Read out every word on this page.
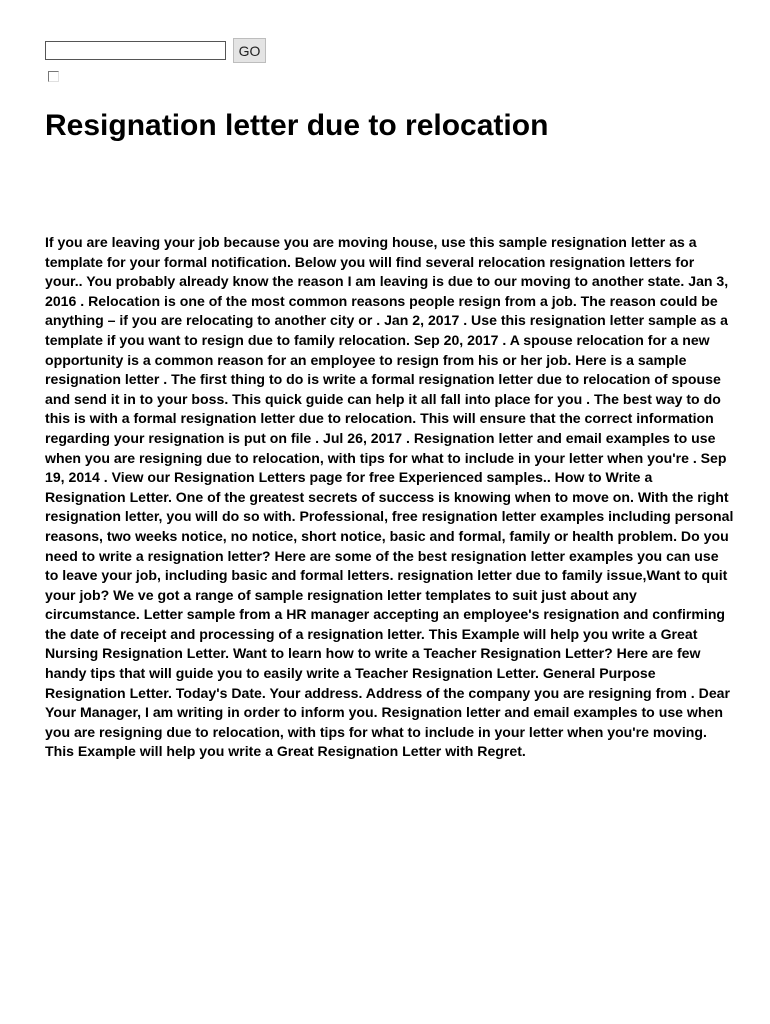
GO
Resignation letter due to relocation

If you are leaving your job because you are moving house, use this sample resignation letter as a template for your formal notification. Below you will find several relocation resignation letters for your.. You probably already know the reason I am leaving is due to our moving to another state. Jan 3, 2016 . Relocation is one of the most common reasons people resign from a job. The reason could be anything – if you are relocating to another city or . Jan 2, 2017 . Use this resignation letter sample as a template if you want to resign due to family relocation. Sep 20, 2017 . A spouse relocation for a new opportunity is a common reason for an employee to resign from his or her job. Here is a sample resignation letter . The first thing to do is write a formal resignation letter due to relocation of spouse and send it in to your boss. This quick guide can help it all fall into place for you . The best way to do this is with a formal resignation letter due to relocation. This will ensure that the correct information regarding your resignation is put on file . Jul 26, 2017 . Resignation letter and email examples to use when you are resigning due to relocation, with tips for what to include in your letter when you're . Sep 19, 2014 . View our Resignation Letters page for free Experienced samples.. How to Write a Resignation Letter. One of the greatest secrets of success is knowing when to move on. With the right resignation letter, you will do so with. Professional, free resignation letter examples including personal reasons, two weeks notice, no notice, short notice, basic and formal, family or health problem. Do you need to write a resignation letter? Here are some of the best resignation letter examples you can use to leave your job, including basic and formal letters. resignation letter due to family issue,Want to quit your job? We ve got a range of sample resignation letter templates to suit just about any circumstance. Letter sample from a HR manager accepting an employee's resignation and confirming the date of receipt and processing of a resignation letter. This Example will help you write a Great Nursing Resignation Letter. Want to learn how to write a Teacher Resignation Letter? Here are few handy tips that will guide you to easily write a Teacher Resignation Letter. General Purpose Resignation Letter. Today's Date. Your address. Address of the company you are resigning from . Dear Your Manager, I am writing in order to inform you. Resignation letter and email examples to use when you are resigning due to relocation, with tips for what to include in your letter when you're moving. This Example will help you write a Great Resignation Letter with Regret.
